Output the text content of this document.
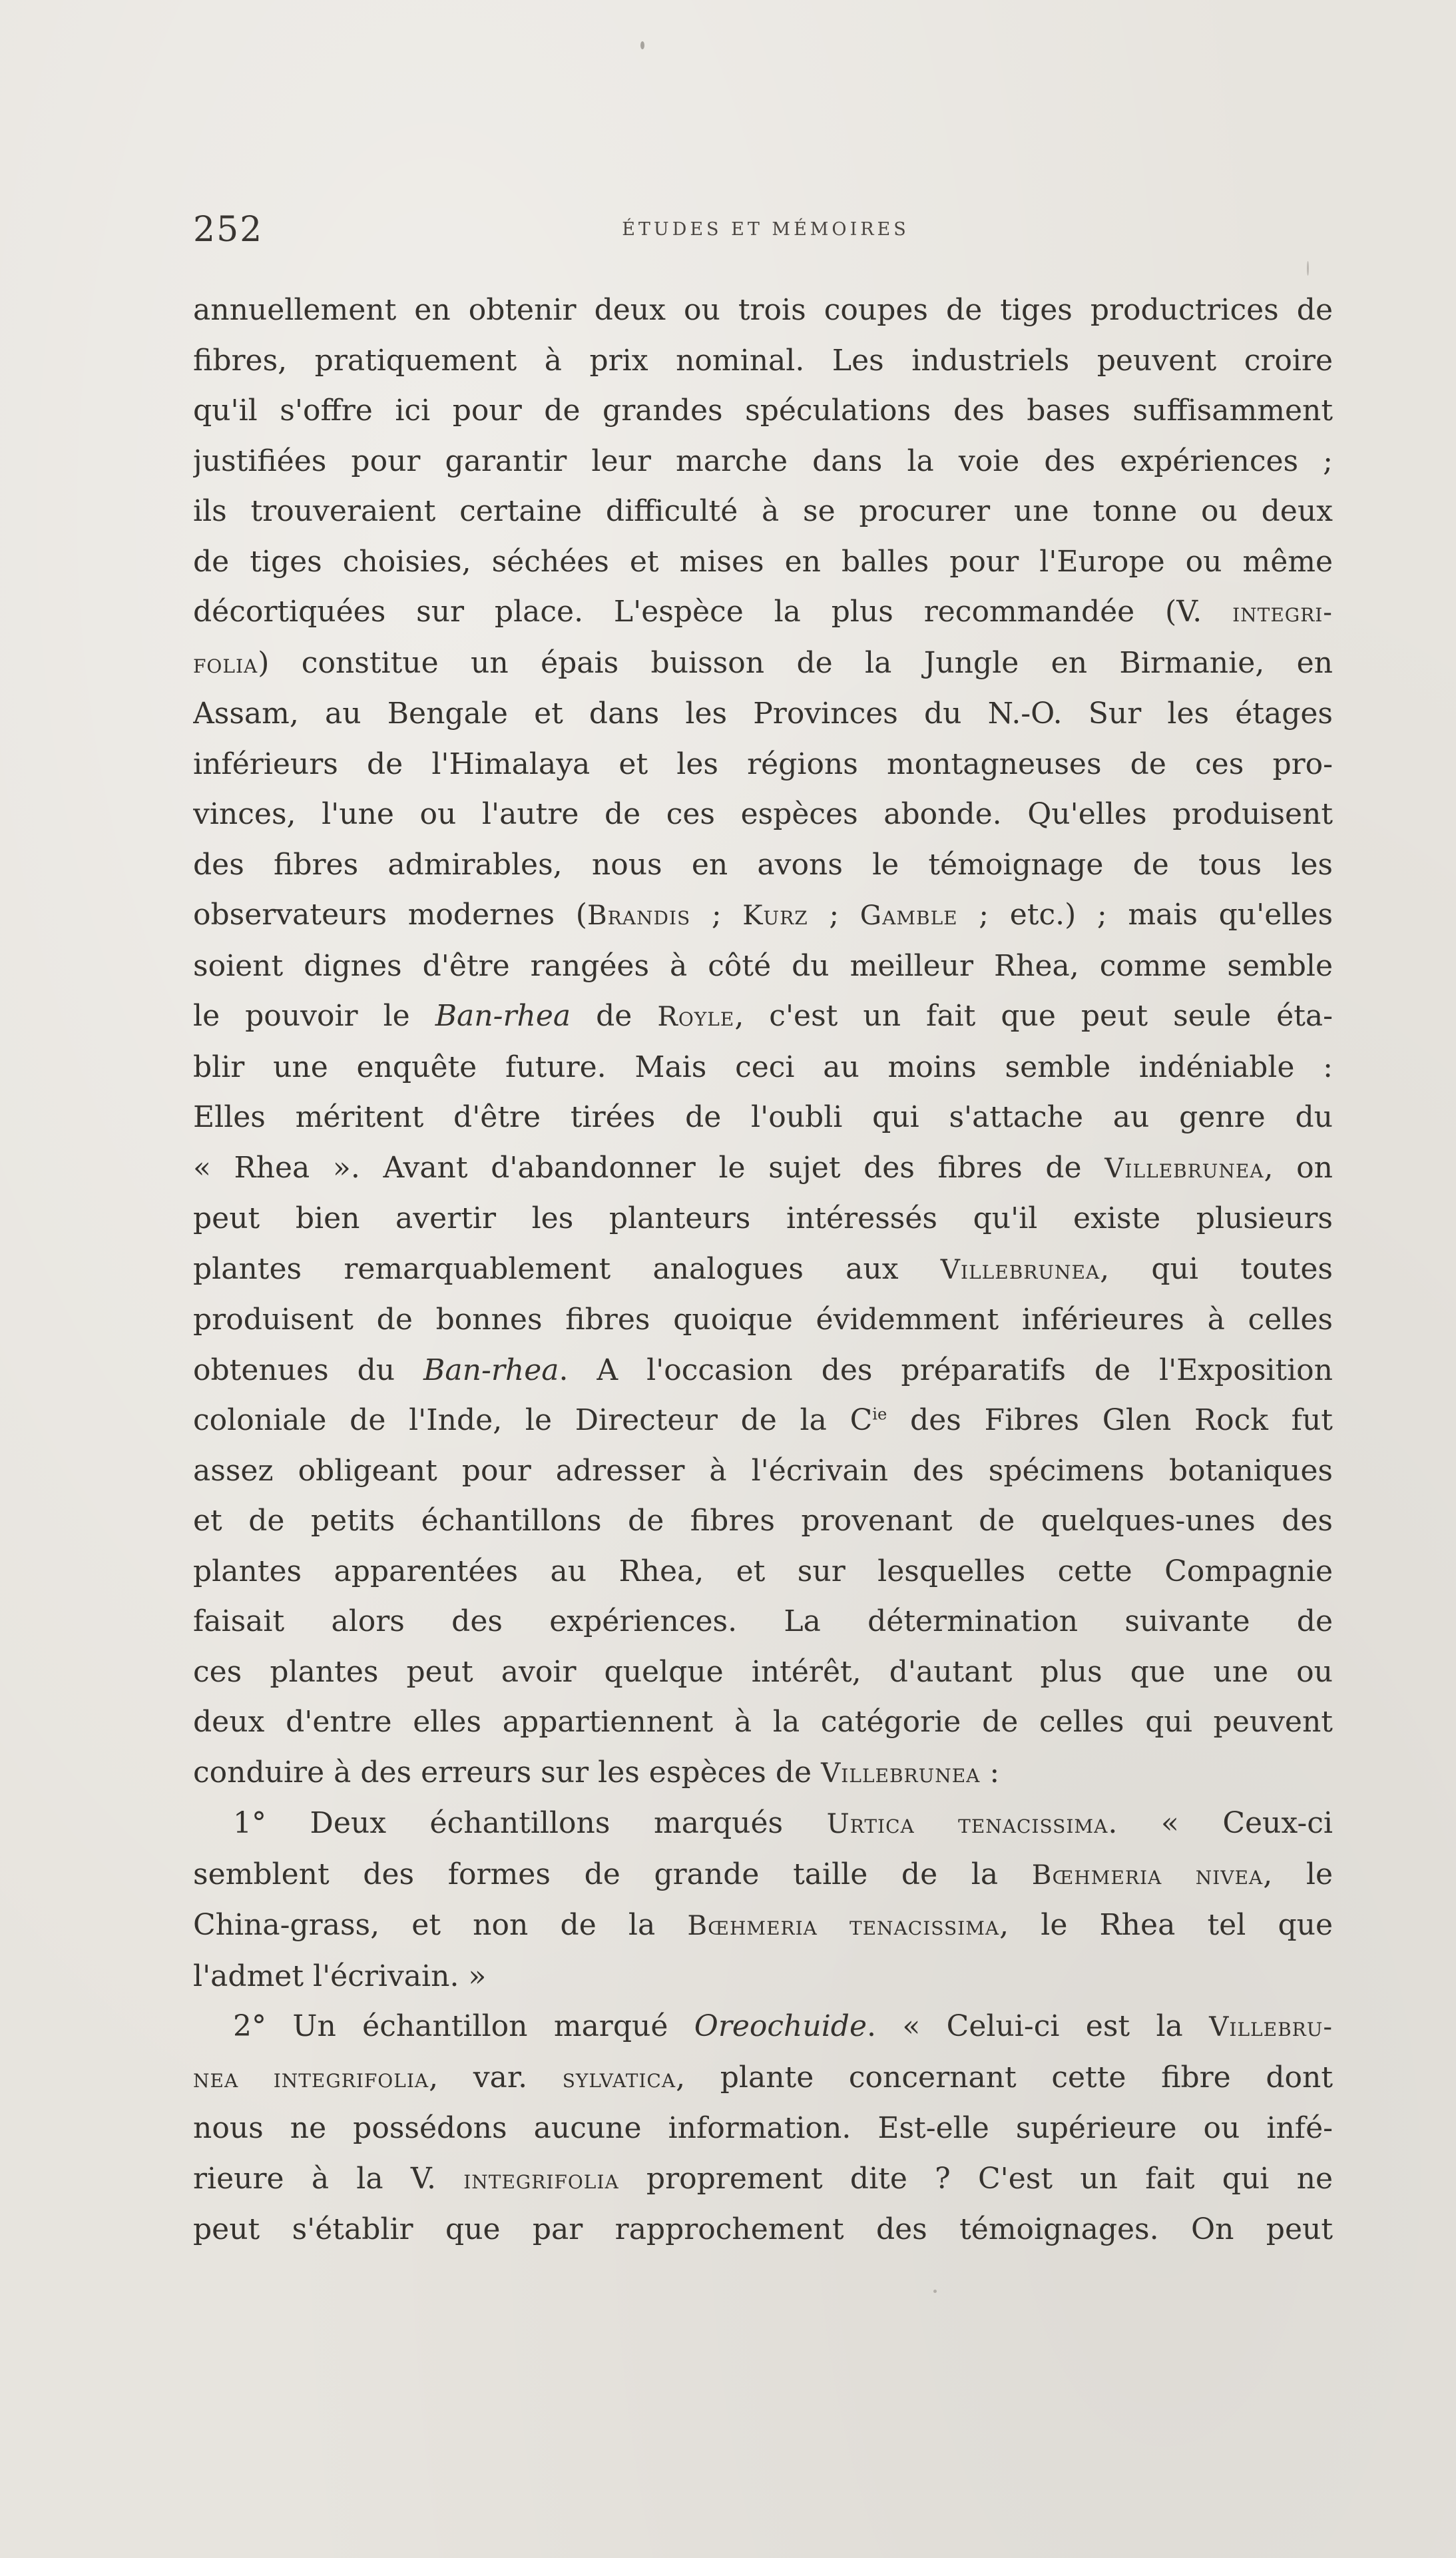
252	ÉTUDES ET MÉMOIRES
annuellement en obtenir deux ou trois coupes de tiges productrices de
fibres, pratiquement à prix nominal. Les industriels peuvent croire
qu'il s'offre ici pour de grandes spéculations des bases suffisamment
justifiées pour garantir leur marche dans la voie des expériences ;
ils trouveraient certaine difficulté à se procurer une tonne ou deux
de tiges choisies, séchées et mises en balles pour l'Europe ou même
décortiquées sur place. L'espèce la plus recommandée (V. integri-
folia) constitue un épais buisson de la Jungle en Birmanie, en
Assam, au Bengale et dans les Provinces du N.-O. Sur les étages
inférieurs de l'Himalaya et les régions montagneuses de ces pro-
vinces, l'une ou l'autre de ces espèces abonde. Qu'elles produisent
des fibres admirables, nous en avons le témoignage de tous les
observateurs modernes (Brandis ; Kurz ; Gamble ; etc.) ; mais qu'elles
soient dignes d'être rangées à côté du meilleur Rhea, comme semble
le pouvoir le Ban-rhea de Royle, c'est un fait que peut seule éta-
blir une enquête future. Mais ceci au moins semble indéniable :
Elles méritent d'être tirées de l'oubli qui s'attache au genre du
« Rhea ». Avant d'abandonner le sujet des fibres de Villebrunea, on
peut bien avertir les planteurs intéressés qu'il existe plusieurs
plantes remarquablement analogues aux Villebrunea, qui toutes
produisent de bonnes fibres quoique évidemment inférieures à celles
obtenues du Ban-rhea. A l'occasion des préparatifs de l'Exposition
coloniale de l'Inde, le Directeur de la $C^{ie}$ des Fibres Glen Rock fut
assez obligeant pour adresser à l'écrivain des spécimens botaniques
et de petits échantillons de fibres provenant de quelques-unes des
plantes apparentées au Rhea, et sur lesquelles cette Compagnie
faisait alors des expériences. La détermination suivante de
ces plantes peut avoir quelque intérêt, d'autant plus que une ou
deux d'entre elles appartiennent à la catégorie de celles qui peuvent
conduire à des erreurs sur les espèces de Villebrunea :
1° Deux échantillons marqués Urtica tenacissima. « Ceux-ci
semblent des formes de grande taille de la Bœhmeria nivea, le
China-grass, et non de la Bœhmeria tenacissima, le Rhea tel que
l'admet l'écrivain. »
2° Un échantillon marqué Oreochuide. « Celui-ci est la Villebru-
nea integrifolia, var. sylvatica, plante concernant cette fibre dont
nous ne possédons aucune information. Est-elle supérieure ou infé-
rieure à la V. integrifolia proprement dite ? C'est un fait qui ne
peut s'établir que par rapprochement des témoignages. On peut
